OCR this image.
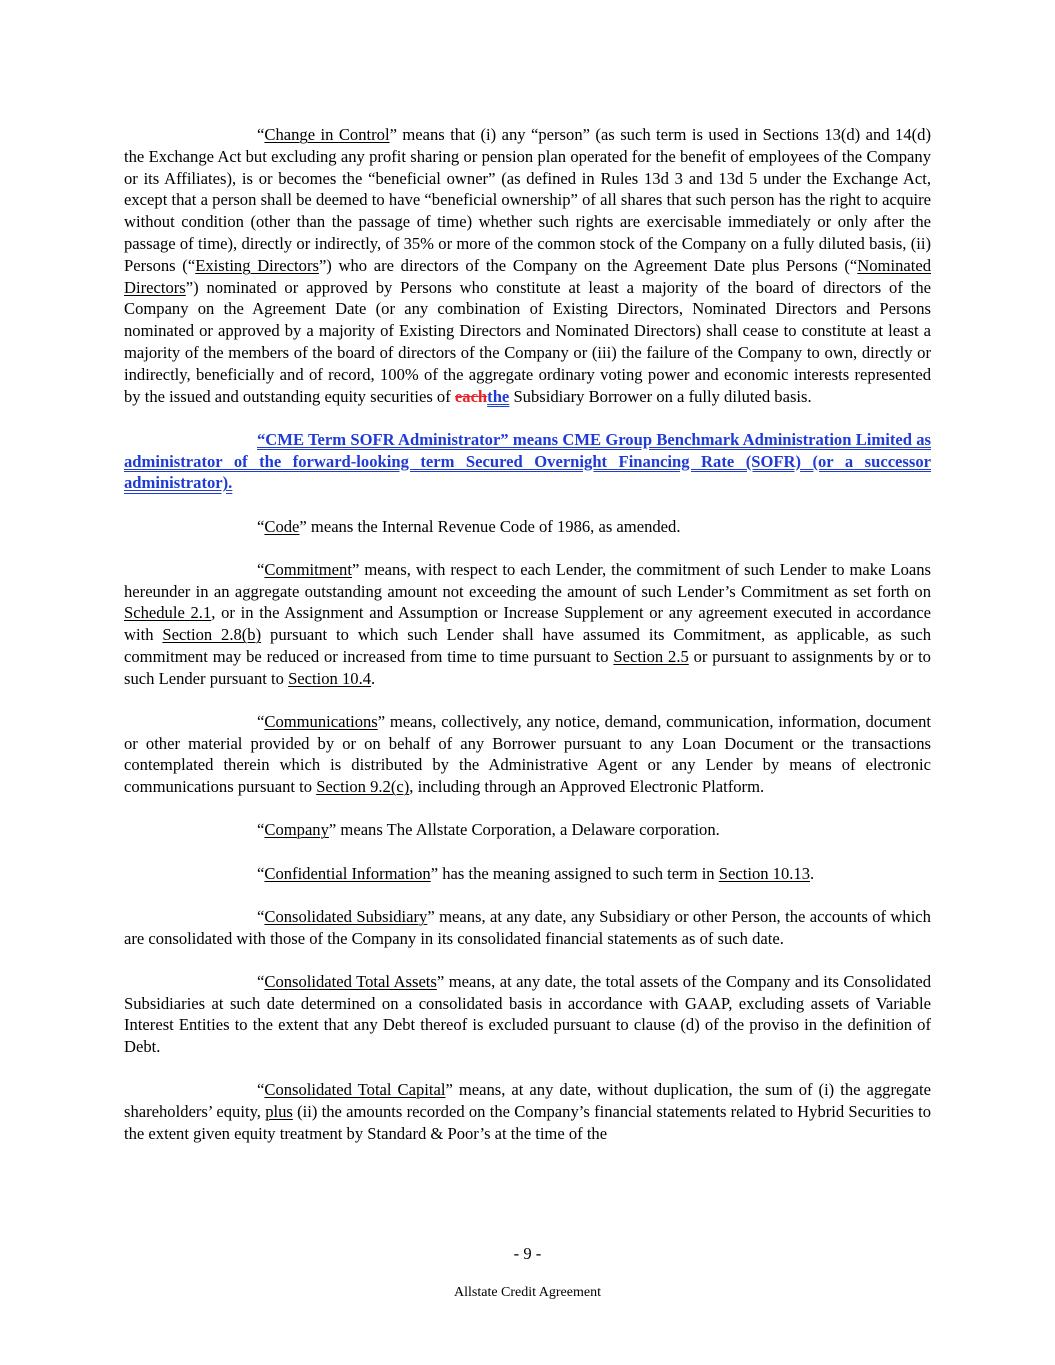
“Change in Control” means that (i) any “person” (as such term is used in Sections 13(d) and 14(d) the Exchange Act but excluding any profit sharing or pension plan operated for the benefit of employees of the Company or its Affiliates), is or becomes the “beneficial owner” (as defined in Rules 13d 3 and 13d 5 under the Exchange Act, except that a person shall be deemed to have “beneficial ownership” of all shares that such person has the right to acquire without condition (other than the passage of time) whether such rights are exercisable immediately or only after the passage of time), directly or indirectly, of 35% or more of the common stock of the Company on a fully diluted basis, (ii) Persons (“Existing Directors”) who are directors of the Company on the Agreement Date plus Persons (“Nominated Directors”) nominated or approved by Persons who constitute at least a majority of the board of directors of the Company on the Agreement Date (or any combination of Existing Directors, Nominated Directors and Persons nominated or approved by a majority of Existing Directors and Nominated Directors) shall cease to constitute at least a majority of the members of the board of directors of the Company or (iii) the failure of the Company to own, directly or indirectly, beneficially and of record, 100% of the aggregate ordinary voting power and economic interests represented by the issued and outstanding equity securities of eachthe Subsidiary Borrower on a fully diluted basis.

“CME Term SOFR Administrator” means CME Group Benchmark Administration Limited as administrator of the forward-looking term Secured Overnight Financing Rate (SOFR) (or a successor administrator).

“Code” means the Internal Revenue Code of 1986, as amended.

“Commitment” means, with respect to each Lender, the commitment of such Lender to make Loans hereunder in an aggregate outstanding amount not exceeding the amount of such Lender’s Commitment as set forth on Schedule 2.1, or in the Assignment and Assumption or Increase Supplement or any agreement executed in accordance with Section 2.8(b) pursuant to which such Lender shall have assumed its Commitment, as applicable, as such commitment may be reduced or increased from time to time pursuant to Section 2.5 or pursuant to assignments by or to such Lender pursuant to Section 10.4.

“Communications” means, collectively, any notice, demand, communication, information, document or other material provided by or on behalf of any Borrower pursuant to any Loan Document or the transactions contemplated therein which is distributed by the Administrative Agent or any Lender by means of electronic communications pursuant to Section 9.2(c), including through an Approved Electronic Platform.

“Company” means The Allstate Corporation, a Delaware corporation.

“Confidential Information” has the meaning assigned to such term in Section 10.13.

“Consolidated Subsidiary” means, at any date, any Subsidiary or other Person, the accounts of which are consolidated with those of the Company in its consolidated financial statements as of such date.

“Consolidated Total Assets” means, at any date, the total assets of the Company and its Consolidated Subsidiaries at such date determined on a consolidated basis in accordance with GAAP, excluding assets of Variable Interest Entities to the extent that any Debt thereof is excluded pursuant to clause (d) of the proviso in the definition of Debt.

“Consolidated Total Capital” means, at any date, without duplication, the sum of (i) the aggregate shareholders’ equity, plus (ii) the amounts recorded on the Company’s financial statements related to Hybrid Securities to the extent given equity treatment by Standard & Poor’s at the time of the

- 9 -
Allstate Credit Agreement
